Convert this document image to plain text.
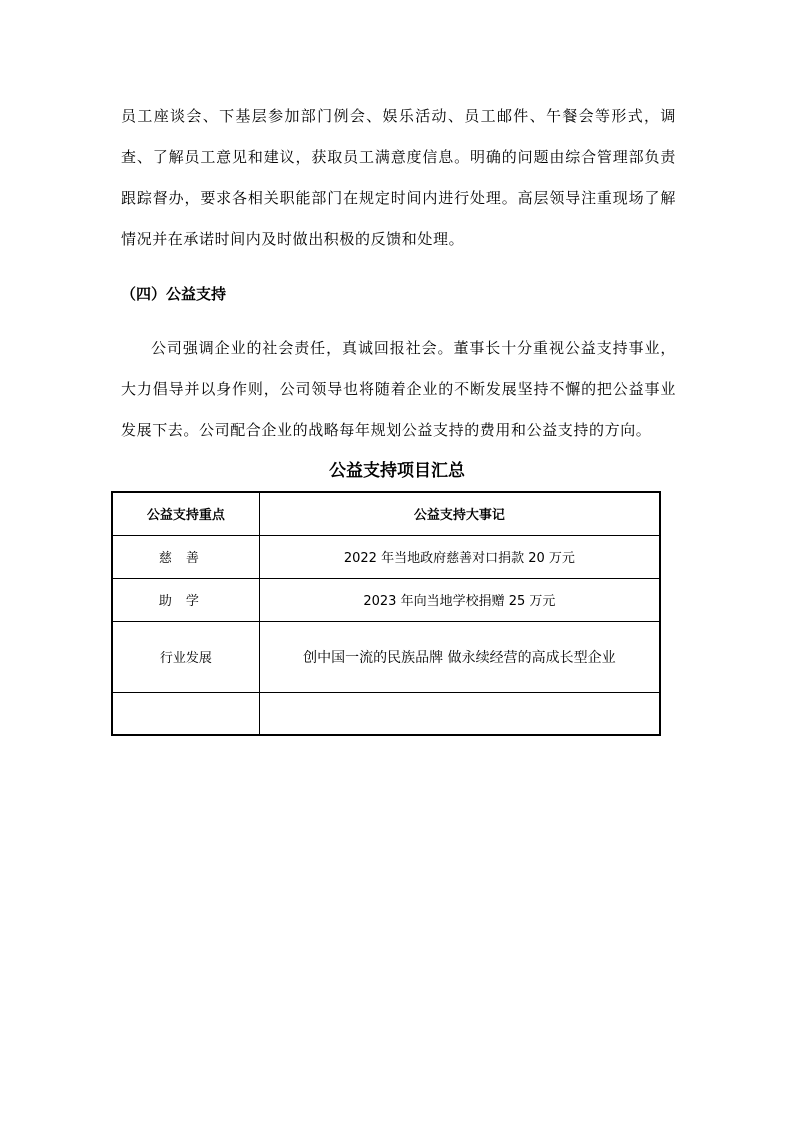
员工座谈会、下基层参加部门例会、娱乐活动、员工邮件、午餐会等形式，调查、了解员工意见和建议，获取员工满意度信息。明确的问题由综合管理部负责跟踪督办，要求各相关职能部门在规定时间内进行处理。高层领导注重现场了解情况并在承诺时间内及时做出积极的反馈和处理。

（四）公益支持

公司强调企业的社会责任，真诚回报社会。董事长十分重视公益支持事业，大力倡导并以身作则，公司领导也将随着企业的不断发展坚持不懈的把公益事业发展下去。公司配合企业的战略每年规划公益支持的费用和公益支持的方向。

公益支持项目汇总
公益支持重点	公益支持大事记
慈善	2022 年当地政府慈善对口捐款 20 万元
助学	2023 年向当地学校捐赠 25 万元
行业发展	创中国一流的民族品牌 做永续经营的高成长型企业
